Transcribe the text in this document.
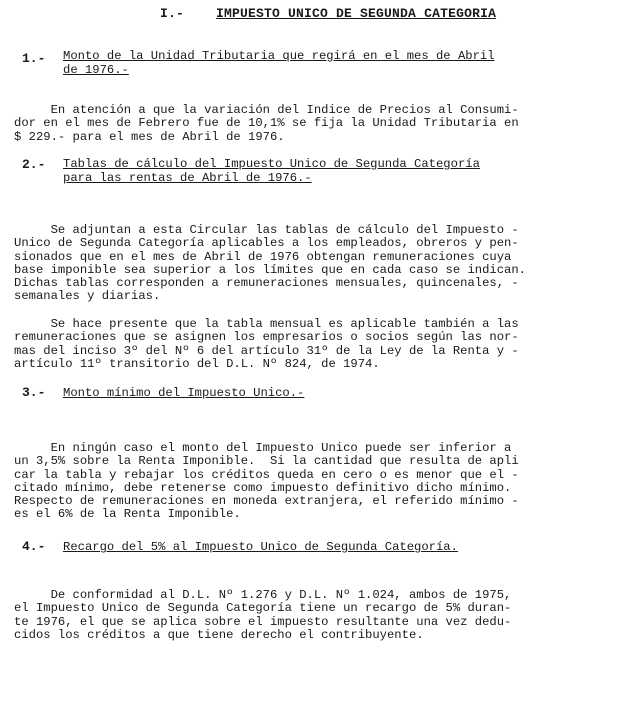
I.- IMPUESTO UNICO DE SEGUNDA CATEGORIA
1.- Monto de la Unidad Tributaria que regirá en el mes de Abril
de 1976.-

En atención a que la variación del Indice de Precios al Consumi-
dor en el mes de Febrero fue de 10,1% se fija la Unidad Tributaria en
$ 229.- para el mes de Abril de 1976.

2.- Tablas de cálculo del Impuesto Unico de Segunda Categoría
para las rentas de Abril de 1976.-

Se adjuntan a esta Circular las tablas de cálculo del Impuesto -
Unico de Segunda Categoría aplicables a los empleados, obreros y pen-
sionados que en el mes de Abril de 1976 obtengan remuneraciones cuya
base imponible sea superior a los límites que en cada caso se indican.
Dichas tablas corresponden a remuneraciones mensuales, quincenales, -
semanales y diarias.

Se hace presente que la tabla mensual es aplicable también a las
remuneraciones que se asignen los empresarios o socios según las nor-
mas del inciso 3º del Nº 6 del artículo 31º de la Ley de la Renta y -
artículo 11º transitorio del D.L. Nº 824, de 1974.

3.- Monto mínimo del Impuesto Unico.-

En ningún caso el monto del Impuesto Unico puede ser inferior a
un 3,5% sobre la Renta Imponible.  Si la cantidad que resulta de apli
car la tabla y rebajar los créditos queda en cero o es menor que el -
citado mínimo, debe retenerse como impuesto definitivo dicho mínimo.
Respecto de remuneraciones en moneda extranjera, el referido mínimo -
es el 6% de la Renta Imponible.

4.- Recargo del 5% al Impuesto Unico de Segunda Categoría.

De conformidad al D.L. Nº 1.276 y D.L. Nº 1.024, ambos de 1975,
el Impuesto Unico de Segunda Categoría tiene un recargo de 5% duran-
te 1976, el que se aplica sobre el impuesto resultante una vez dedu-
cidos los créditos a que tiene derecho el contribuyente.
